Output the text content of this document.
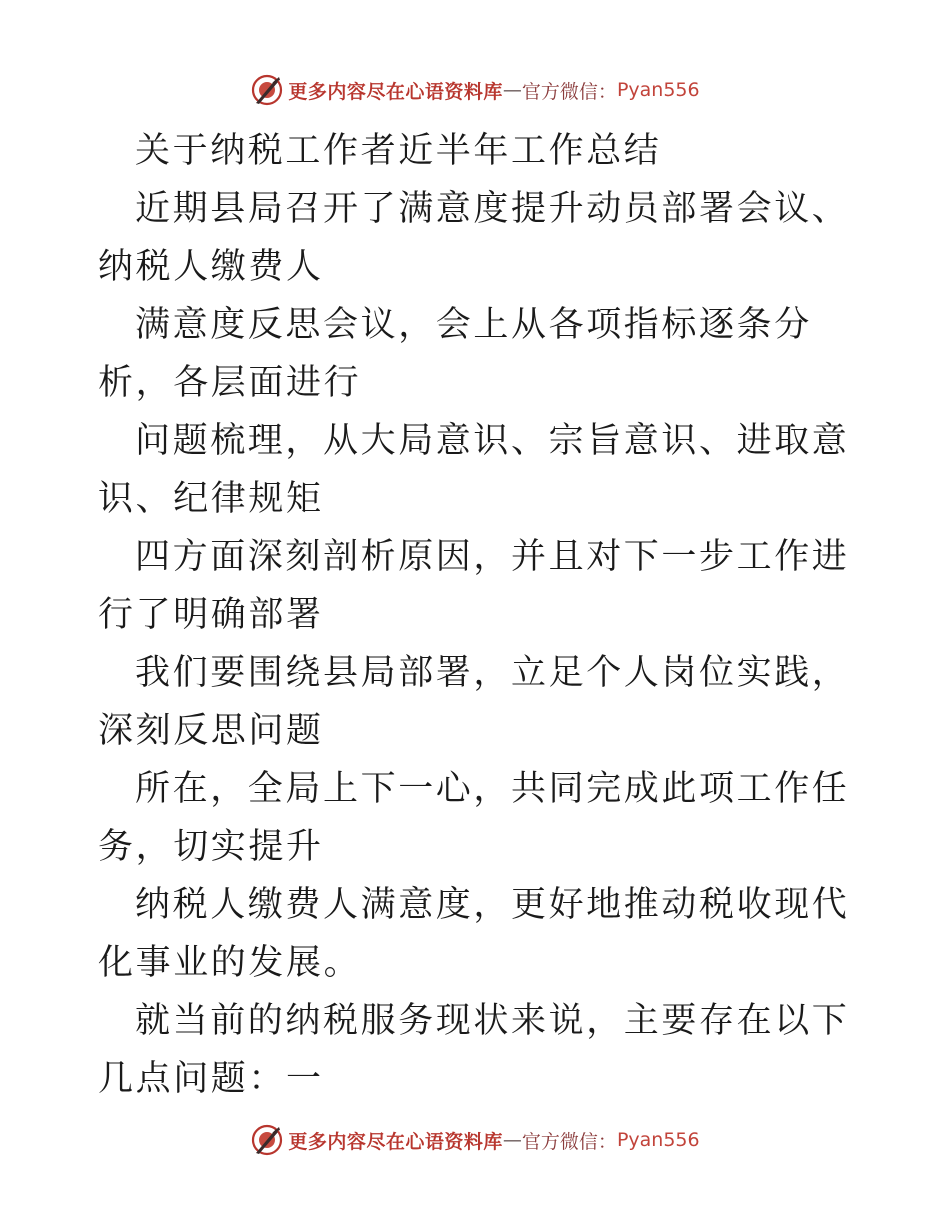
更多内容尽在心语资料库 — 官方微信： Pyan556

关于纳税工作者近半年工作总结

近期县局召开了满意度提升动员部署会议、纳税人缴费人

满意度反思会议，会上从各项指标逐条分析，各层面进行

问题梳理，从大局意识、宗旨意识、进取意识、纪律规矩

四方面深刻剖析原因，并且对下一步工作进行了明确部署

我们要围绕县局部署，立足个人岗位实践，深刻反思问题

所在，全局上下一心，共同完成此项工作任务，切实提升

纳税人缴费人满意度，更好地推动税收现代化事业的发展。

就当前的纳税服务现状来说，主要存在以下几点问题：一

更多内容尽在心语资料库 — 官方微信： Pyan556
